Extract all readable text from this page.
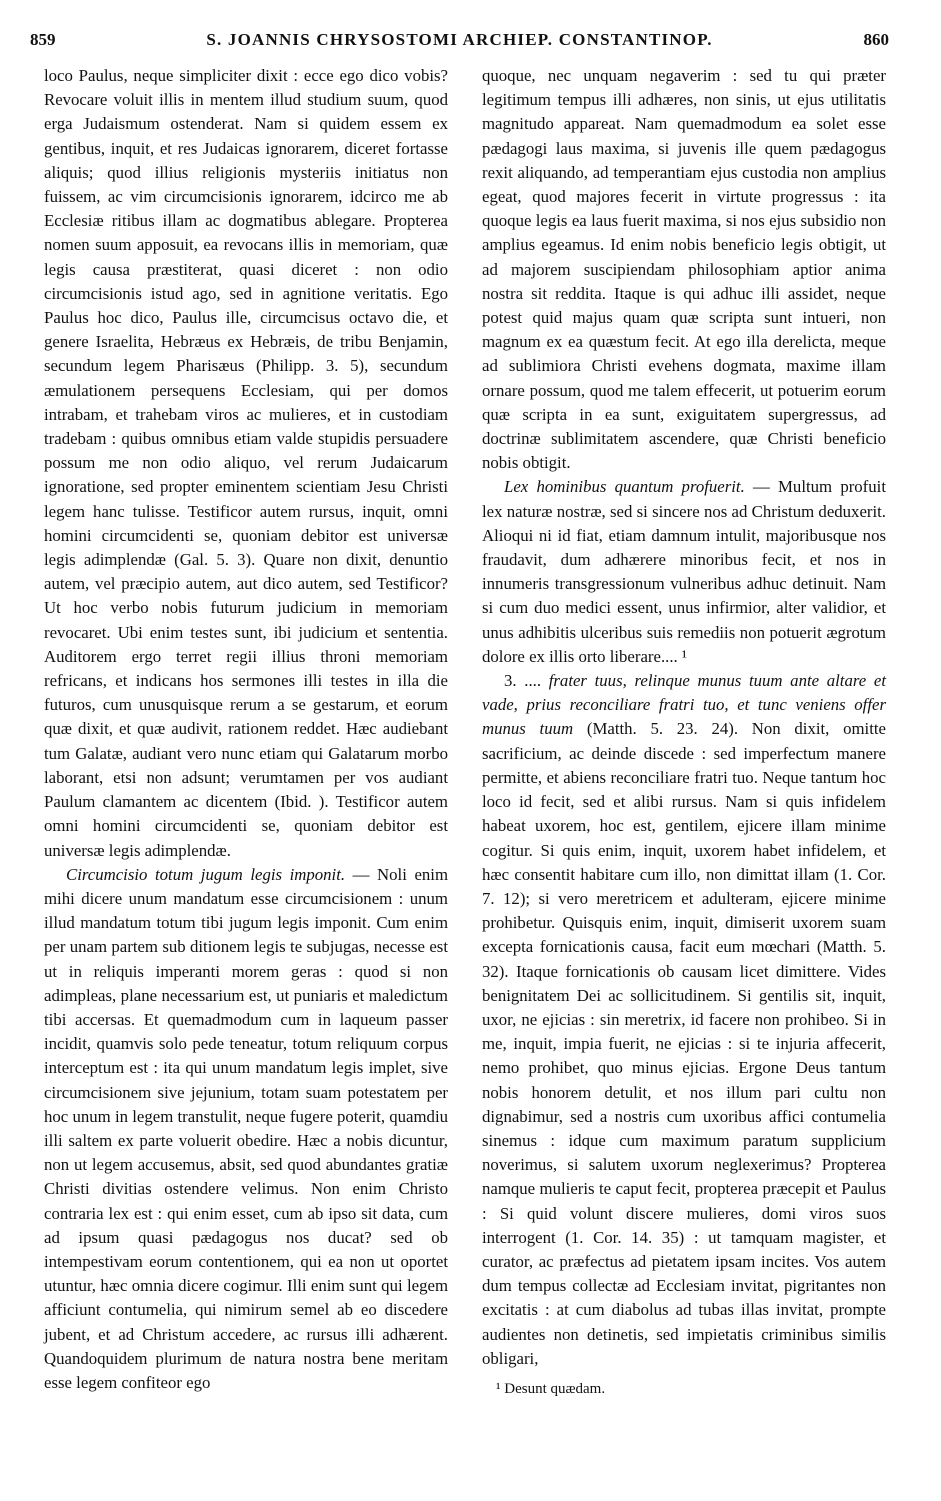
859	S. JOANNIS CHRYSOSTOMI ARCHIEP. CONSTANTINOP.	860

loco Paulus, neque simpliciter dixit : ecce ego dico vobis? Revocare voluit illis in mentem illud studium suum, quod erga Judaismum ostenderat. Nam si quidem essem ex gentibus, inquit, et res Judaicas ignorarem, diceret fortasse aliquis; quod illius religionis mysteriis initiatus non fuissem, ac vim circumcisionis ignorarem, idcirco me ab Ecclesiæ ritibus illam ac dogmatibus ablegare. Propterea nomen suum apposuit, ea revocans illis in memoriam, quæ legis causa præstiterat, quasi diceret : non odio circumcisionis istud ago, sed in agnitione veritatis. Ego Paulus hoc dico, Paulus ille, circumcisus octavo die, et genere Israelita, Hebræus ex Hebræis, de tribu Benjamin, secundum legem Pharisæus (Philipp. 3. 5), secundum æmulationem persequens Ecclesiam, qui per domos intrabam, et trahebam viros ac mulieres, et in custodiam tradebam : quibus omnibus etiam valde stupidis persuadere possum me non odio aliquo, vel rerum Judaicarum ignoratione, sed propter eminentem scientiam Jesu Christi legem hanc tulisse. Testificor autem rursus, inquit, omni homini circumcidenti se, quoniam debitor est universæ legis adimplendæ (Gal. 5. 3). Quare non dixit, denuntio autem, vel præcipio autem, aut dico autem, sed Testificor? Ut hoc verbo nobis futurum judicium in memoriam revocaret. Ubi enim testes sunt, ibi judicium et sententia. Auditorem ergo terret regii illius throni memoriam refricans, et indicans hos sermones illi testes in illa die futuros, cum unusquisque rerum a se gestarum, et eorum quæ dixit, et quæ audivit, rationem reddet. Hæc audiebant tum Galatæ, audiant vero nunc etiam qui Galatarum morbo laborant, etsi non adsunt; verumtamen per vos audiant Paulum clamantem ac dicentem (Ibid. ). Testificor autem omni homini circumcidenti se, quoniam debitor est universæ legis adimplendæ.

Circumcisio totum jugum legis imponit. — Noli enim mihi dicere unum mandatum esse circumcisionem : unum illud mandatum totum tibi jugum legis imponit. Cum enim per unam partem sub ditionem legis te subjugas, necesse est ut in reliquis imperanti morem geras : quod si non adimpleas, plane necessarium est, ut puniaris et maledictum tibi accersas. Et quemadmodum cum in laqueum passer incidit, quamvis solo pede teneatur, totum reliquum corpus interceptum est : ita qui unum mandatum legis implet, sive circumcisionem sive jejunium, totam suam potestatem per hoc unum in legem transtulit, neque fugere poterit, quamdiu illi saltem ex parte voluerit obedire. Hæc a nobis dicuntur, non ut legem accusemus, absit, sed quod abundantes gratiæ Christi divitias ostendere velimus. Non enim Christo contraria lex est : qui enim esset, cum ab ipso sit data, cum ad ipsum quasi pædagogus nos ducat? sed ob intempestivam eorum contentionem, qui ea non ut oportet utuntur, hæc omnia dicere cogimur. Illi enim sunt qui legem afficiunt contumelia, qui nimirum semel ab eo discedere jubent, et ad Christum accedere, ac rursus illi adhærent. Quandoquidem plurimum de natura nostra bene meritam esse legem confiteor ego

quoque, nec unquam negaverim : sed tu qui præter legitimum tempus illi adhæres, non sinis, ut ejus utilitatis magnitudo appareat. Nam quemadmodum ea solet esse pædagogi laus maxima, si juvenis ille quem pædagogus rexit aliquando, ad temperantiam ejus custodia non amplius egeat, quod majores fecerit in virtute progressus : ita quoque legis ea laus fuerit maxima, si nos ejus subsidio non amplius egeamus. Id enim nobis beneficio legis obtigit, ut ad majorem suscipiendam philosophiam aptior anima nostra sit reddita. Itaque is qui adhuc illi assidet, neque potest quid majus quam quæ scripta sunt intueri, non magnum ex ea quæstum fecit. At ego illa derelicta, meque ad sublimiora Christi evehens dogmata, maxime illam ornare possum, quod me talem effecerit, ut potuerim eorum quæ scripta in ea sunt, exiguitatem supergressus, ad doctrinæ sublimitatem ascendere, quæ Christi beneficio nobis obtigit.

Lex hominibus quantum profuerit. — Multum profuit lex naturæ nostræ, sed si sincere nos ad Christum deduxerit. Alioqui ni id fiat, etiam damnum intulit, majoribusque nos fraudavit, dum adhærere minoribus fecit, et nos in innumeris transgressionum vulneribus adhuc detinuit. Nam si cum duo medici essent, unus infirmior, alter validior, et unus adhibitis ulceribus suis remediis non potuerit ægrotum dolore ex illis orto liberare.... ¹

3. .... frater tuus, relinque munus tuum ante altare et vade, prius reconciliare fratri tuo, et tunc veniens offer munus tuum (Matth. 5. 23. 24). Non dixit, omitte sacrificium, ac deinde discede : sed imperfectum manere permitte, et abiens reconciliare fratri tuo. Neque tantum hoc loco id fecit, sed et alibi rursus. Nam si quis infidelem habeat uxorem, hoc est, gentilem, ejicere illam minime cogitur. Si quis enim, inquit, uxorem habet infidelem, et hæc consentit habitare cum illo, non dimittat illam (1. Cor. 7. 12); si vero meretricem et adulteram, ejicere minime prohibetur. Quisquis enim, inquit, dimiserit uxorem suam excepta fornicationis causa, facit eum mœchari (Matth. 5. 32). Itaque fornicationis ob causam licet dimittere. Vides benignitatem Dei ac sollicitudinem. Si gentilis sit, inquit, uxor, ne ejicias : sin meretrix, id facere non prohibeo. Si in me, inquit, impia fuerit, ne ejicias : si te injuria affecerit, nemo prohibet, quo minus ejicias. Ergone Deus tantum nobis honorem detulit, et nos illum pari cultu non dignabimur, sed a nostris cum uxoribus affici contumelia sinemus : idque cum maximum paratum supplicium noverimus, si salutem uxorum neglexerimus? Propterea namque mulieris te caput fecit, propterea præcepit et Paulus : Si quid volunt discere mulieres, domi viros suos interrogent (1. Cor. 14. 35) : ut tamquam magister, et curator, ac præfectus ad pietatem ipsam incites. Vos autem dum tempus collectæ ad Ecclesiam invitat, pigritantes non excitatis : at cum diabolus ad tubas illas invitat, prompte audientes non detinetis, sed impietatis criminibus similis obligari,

¹ Desunt quædam.
